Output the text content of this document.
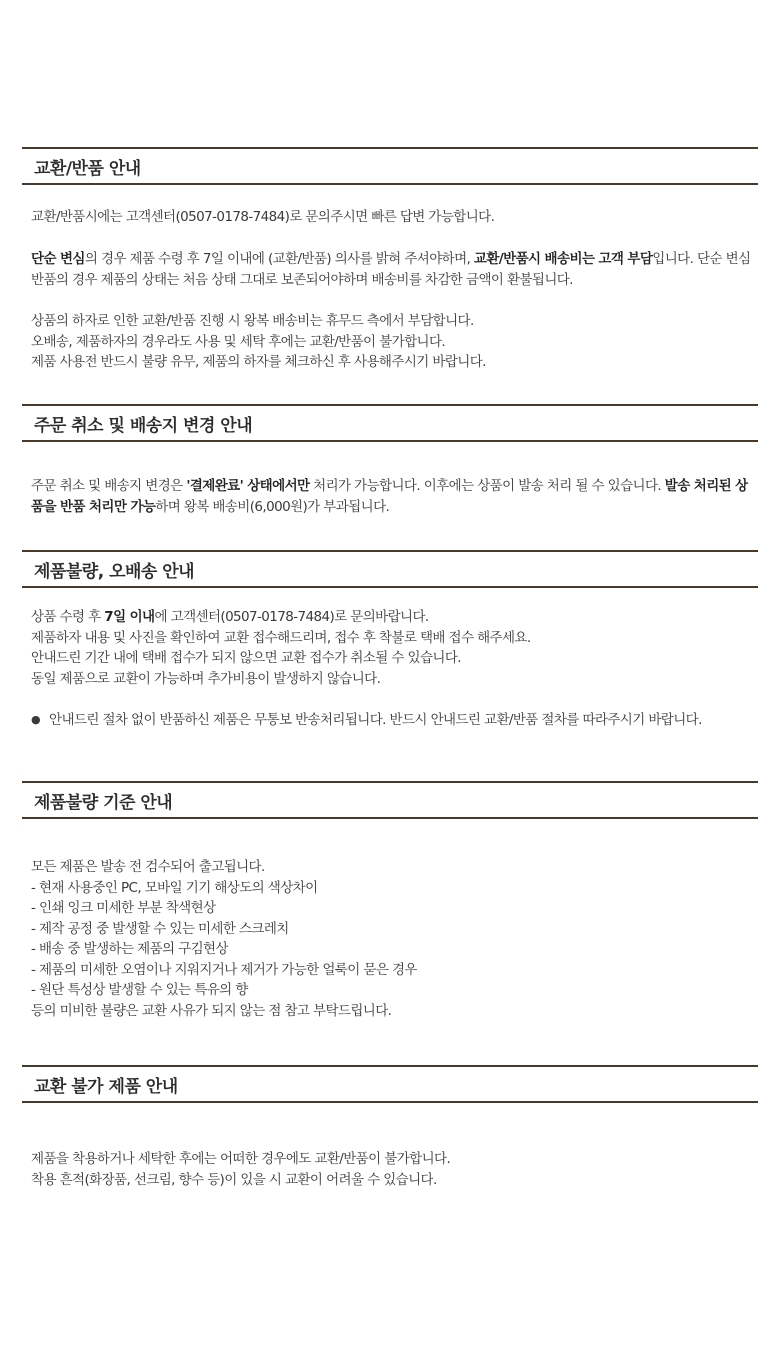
교환/반품 안내

교환/반품시에는 고객센터(0507-0178-7484)로 문의주시면 빠른 답변 가능합니다.

단순 변심의 경우 제품 수령 후 7일 이내에 (교환/반품) 의사를 밝혀 주셔야하며, 교환/반품시 배송비는 고객 부담입니다. 단순 변심 반품의 경우 제품의 상태는 처음 상태 그대로 보존되어야하며 배송비를 차감한 금액이 환불됩니다.

상품의 하자로 인한 교환/반품 진행 시 왕복 배송비는 휴무드 측에서 부담합니다.

오배송, 제품하자의 경우라도 사용 및 세탁 후에는 교환/반품이 불가합니다.

제품 사용전 반드시 불량 유무, 제품의 하자를 체크하신 후 사용해주시기 바랍니다.

주문 취소 및 배송지 변경 안내

주문 취소 및 배송지 변경은 '결제완료' 상태에서만 처리가 가능합니다. 이후에는 상품이 발송 처리 될 수 있습니다. 발송 처리된 상품을 반품 처리만 가능하며 왕복 배송비(6,000원)가 부과됩니다.

제품불량, 오배송 안내

상품 수령 후 7일 이내에 고객센터(0507-0178-7484)로 문의바랍니다.

제품하자 내용 및 사진을 확인하여 교환 접수해드리며, 접수 후 착불로 택배 접수 해주세요.

안내드린 기간 내에 택배 접수가 되지 않으면 교환 접수가 취소될 수 있습니다.

동일 제품으로 교환이 가능하며 추가비용이 발생하지 않습니다.

● 안내드린 절차 없이 반품하신 제품은 무통보 반송처리됩니다. 반드시 안내드린 교환/반품 절차를 따라주시기 바랍니다.
제품불량 기준 안내

모든 제품은 발송 전 검수되어 출고됩니다.

- 현재 사용중인 PC, 모바일 기기 해상도의 색상차이

- 인쇄 잉크 미세한 부분 착색현상

- 제작 공정 중 발생할 수 있는 미세한 스크레치

- 배송 중 발생하는 제품의 구김현상

- 제품의 미세한 오염이나 지워지거나 제거가 가능한 얼룩이 묻은 경우

- 원단 특성상 발생할 수 있는 특유의 향

등의 미비한 불량은 교환 사유가 되지 않는 점 참고 부탁드립니다.

교환 불가 제품 안내

제품을 착용하거나 세탁한 후에는 어떠한 경우에도 교환/반품이 불가합니다.

착용 흔적(화장품, 선크림, 향수 등)이 있을 시 교환이 어려울 수 있습니다.
